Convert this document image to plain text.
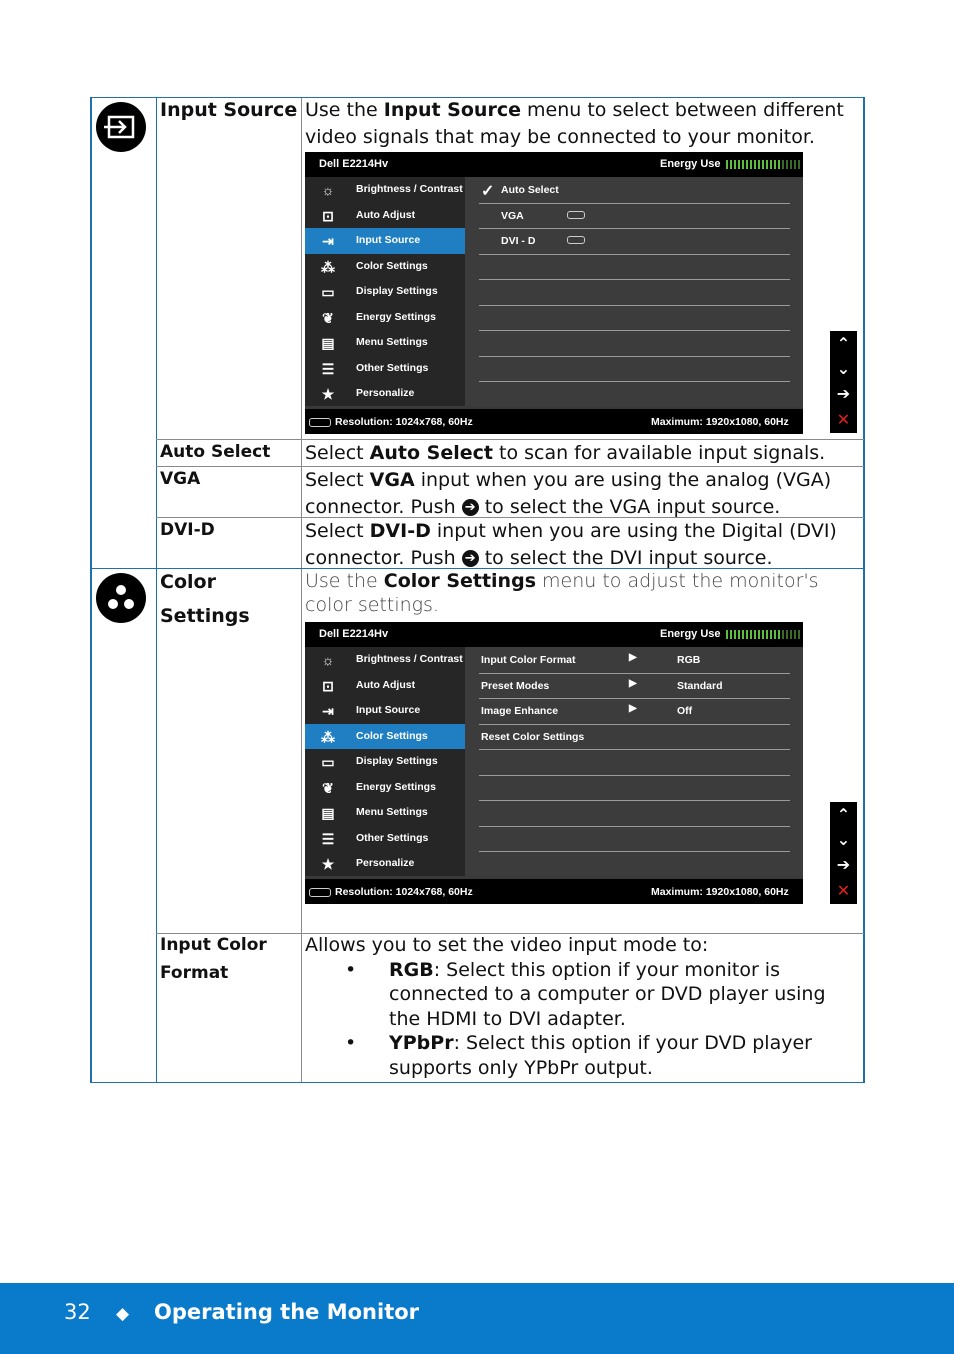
Input Source Use the Input Source menu to select between different video signals that may be connected to your monitor.
Dell E2214Hv	Energy Use
☼	Brightness / Contrast
⊡	Auto Adjust
⇥	Input Source
⁂	Color Settings
▭	Display Settings
❦	Energy Settings
▤	Menu Settings
☰	Other Settings
★	Personalize
✓ Auto Select
VGA
DVI - D
Resolution: 1024x768, 60Hz	Maximum: 1920x1080, 60Hz
⌃
⌄
➔
✕
Auto Select Select Auto Select to scan for available input signals.
VGA	Select VGA input when you are using the analog (VGA) connector. Push ➔ to select the VGA input source.
DVI-D	Select DVI-D input when you are using the Digital (DVI) connector. Push ➔ to select the DVI input source.
Color
Settings
Use the Color Settings menu to adjust the monitor's color settings.
Dell E2214Hv	Energy Use
☼	Brightness / Contrast
⊡	Auto Adjust
⇥	Input Source
⁂	Color Settings
▭	Display Settings
❦	Energy Settings
▤	Menu Settings
☰	Other Settings
★	Personalize
Input Color Format	▶	RGB
Preset Modes	▶	Standard
Image Enhance	▶	Off
Reset Color Settings
Resolution: 1024x768, 60Hz	Maximum: 1920x1080, 60Hz
⌃
⌄
➔
✕
Input Color
Format
Allows you to set the video input mode to:
• RGB: Select this option if your monitor is connected to a computer or DVD player using the HDMI to DVI adapter.
• YPbPr: Select this option if your DVD player supports only YPbPr output.
32 ◆ Operating the Monitor
